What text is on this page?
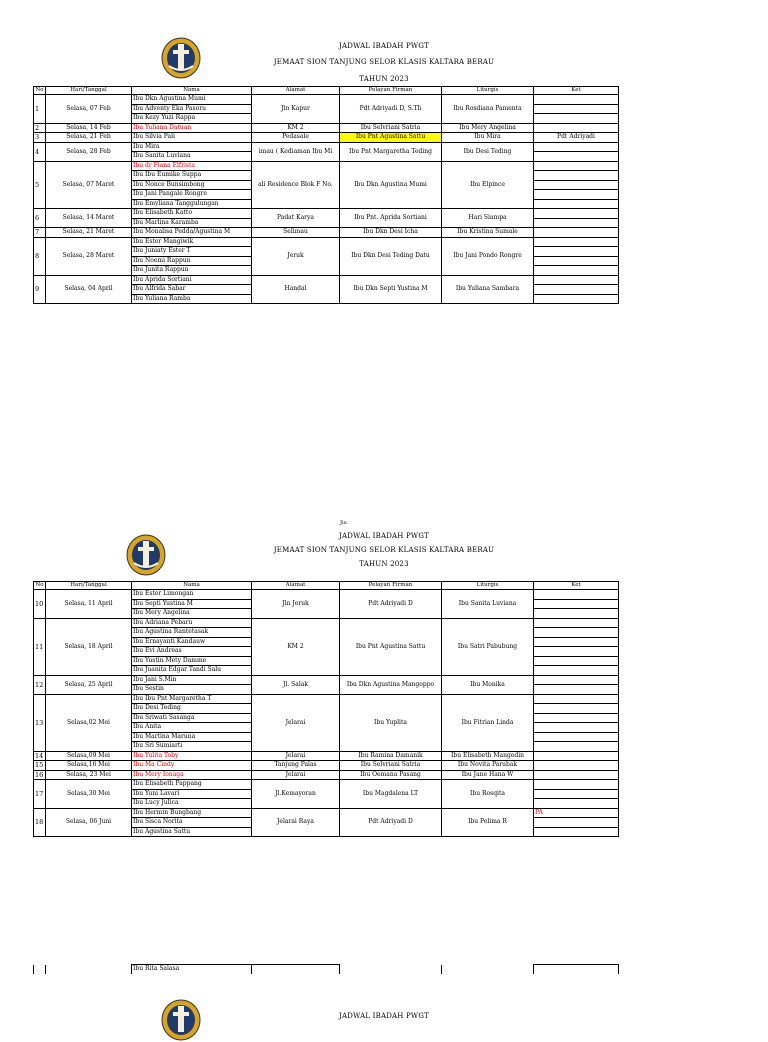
JADWAL IBADAH PWGT
JEMAAT SION TANJUNG SELOR KLASIS KALTARA BERAU
TAHUN 2023
No	Hari/Tanggal	Nama	Alamat	Pelayan Firman	Liturgis	Ket
1	Selasa, 07 Feb	Ibu Dkn Agustina Mumi	Jln Kapur	Pdt Adriyadi D, S.Th	Ibu Rosdiana Pamenta	
		Ibu Adventy Eka Pasoru				
		Ibu Kezy Yuzi Rappa				
2	Selasa, 14 Feb	Ibu Yuliana Datuan	KM 2	Ibu Selvriani Satria	Ibu Mery Angelina	
3	Selasa, 21 Feb	Ibu Silvia Pali	Pedasale	Ibu Pnt Agustina Sattu	Ibu Mira	Pdt Adriyadi
4	Selasa, 28 Feb	Ibu Mira	imau ( Kediaman Ibu Mi	Ibu Pnt Margaretha Teding	Ibu Desi Teding	
		Ibu Sanita Luviana				
5	Selasa, 07 Maret	Ibu dr Fiana Elfrista	ali Residence Blok F No.	Ibu Dkn Agustina Mumi	Ibu Elpince	
		Ibu Ibu Eumike Suppa				
		Ibu Nonce Bunsimbong				
		Ibu Jani Pangale Rongre				
		Ibu Emyliana Tanggulungan				
6	Selasa, 14 Maret	Ibu Elisabeth Katto	Padat Karya	Ibu Pnt. Aprida Sortiani	Hari Siampa	
		Ibu Marlina Karamba				
7	Selasa, 21 Maret	Ibu Monalisa Pedda/Agustina M	Selimau	Ibu Dkn Desi Icha	Ibu Kristina Sumale	
8	Selasa, 28 Maret	Ibu Ester Mangiwik	Jeruk	Ibu Dkn Desi Teding Datu	Ibu Jani Pondo Rongre	
		Ibu Juniaty Ester T				
		Ibu Noemi Rappun				
		Ibu Junita Rappun				
9	Selasa, 04 April	Ibu Aprida Sortiani	Handal	Ibu Dkn Septi Yustina M	Ibu Yuliana Sambara	
		Ibu Alfrida Sabar				
		Ibu Yuliana Ramba				
Jln
JADWAL IBADAH PWGT
JEMAAT SION TANJUNG SELOR KLASIS KALTARA BERAU
TAHUN 2023
No	Hari/Tanggal	Nama	Alamat	Pelayan Firman	Liturgis	Ket
10	Selasa, 11 April	Ibu Ester Limongan	Jln Jeruk	Pdt Adriyadi D	Ibu Sanita Luviana	
		Ibu Septi Yustina M				
		Ibu Mery Angelina				
11	Selasa, 18 April	Ibu Adriana Pebaru	KM 2	Ibu Pnt Agustina Sattu	Ibu Satri Pabubung	
		Ibu Agustina Rantetasak				
		Ibu Ernayanti Kandauw				
		Ibu Evi Andreas				
		Ibu Yustin Mety Damme				
		Ibu Juanita Edgar Tandi Salu				
12	Selasa, 25 April	Ibu Jani S.Min	Jl. Salak	Ibu Dkn Agustina Mangoppo	Ibu Monika	
		Ibu Sestin				
13	Selasa,02 Mei	Ibu Ibu Pnt Margaretha T	Jelarai	Ibu Yuplita	Ibu Fitrian Linda	
		Ibu Desi Teding				
		Ibu Sriwati Sasanga				
		Ibu Anita				
		Ibu Martina Maruna				
		Ibu Sri Sumiarti				
14	Selasa,09 Mei	Ibu Yulita Toby	Jelarai	Ibu Ramina Damanik	Ibu Elisabeth Mangedin	
15	Selasa,16 Mei	Ibu Ma Cindy	Tanjung Palas	Ibu Selvriani Satria	Ibu Novita Parubak	
16	Selasa, 23 Mei	Ibu Mery Ionaga	Jelarai	Ibu Oemana Pasang	Ibu Jane Hana W	
17	Selasa,30 Mei	Ibu Elisabeth Pappang	Jl.Kemayoran	Ibu Magdalena LT	Ibu Rosqita	
		Ibu Yuni Lavari				
		Ibu Lucy Julica				
18	Selasa, 06 Juni	Ibu Hermin Bungbang	Jelarai Raya	Pdt Adriyadi D	Ibu Pelima R	PA
		Ibu Sisca Norita				
		Ibu Agustina Sattu				
		Ibu Rita Salasa				
JADWAL IBADAH PWGT
